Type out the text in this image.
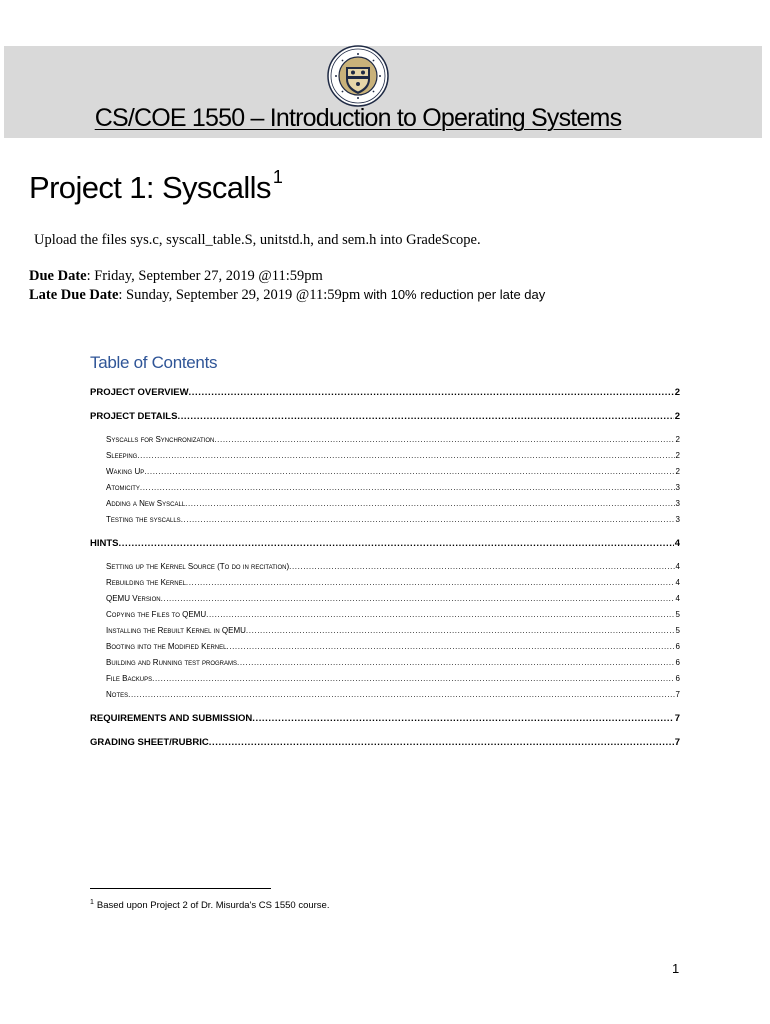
CS/COE 1550 – Introduction to Operating Systems
Project 1: Syscalls $^1$
Upload the files sys.c, syscall_table.S, unitstd.h, and sem.h into GradeScope.
Due Date: Friday, September 27, 2019 @11:59pm
Late Due Date: Sunday, September 29, 2019 @11:59pm with 10% reduction per late day
Table of Contents
PROJECT OVERVIEW .....	2
PROJECT DETAILS .....	2
Syscalls for Synchronization .....	2
Sleeping .....	2
Waking Up .....	2
Atomicity .....	3
Adding a New Syscall .....	3
Testing the syscalls .....	3
HINTS .....	4
Setting up the Kernel Source (To do in recitation) .....	4
Rebuilding the Kernel .....	4
QEMU Version .....	4
Copying the Files to QEMU .....	5
Installing the Rebuilt Kernel in QEMU .....	5
Booting into the Modified Kernel .....	6
Building and Running test programs .....	6
File Backups .....	6
Notes .....	7
REQUIREMENTS AND SUBMISSION .....	7
GRADING SHEET/RUBRIC .....	7
$^1$ Based upon Project 2 of Dr. Misurda's CS 1550 course.
1
